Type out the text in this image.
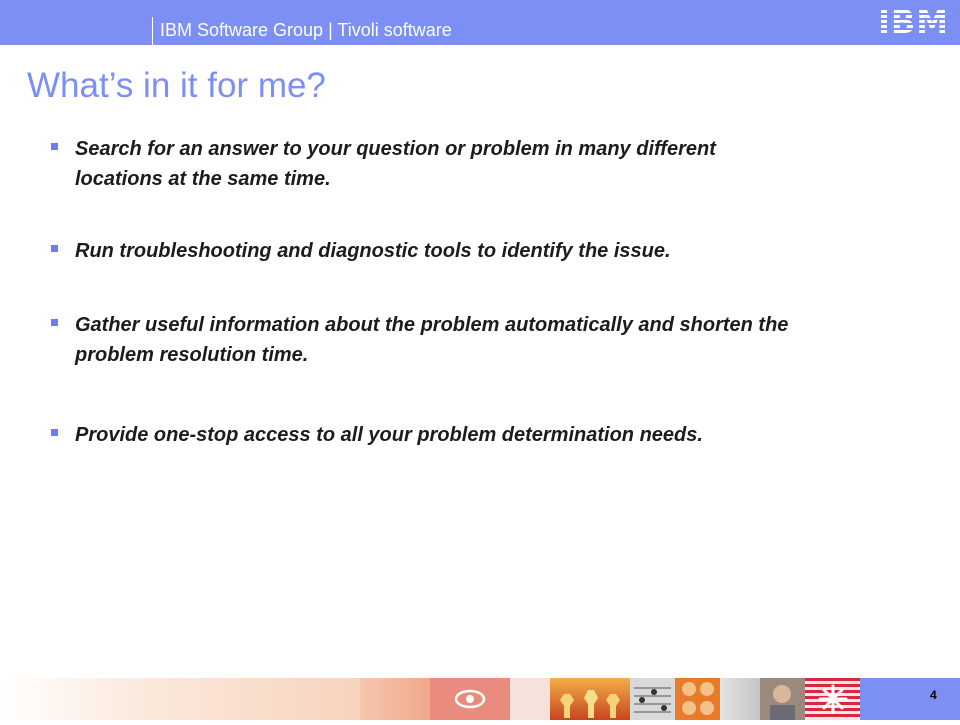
IBM Software Group | Tivoli software	IBM
What’s in it for me?
Search for an answer to your question or problem in many different locations at the same time.
Run troubleshooting and diagnostic tools to identify the issue.
Gather useful information about the problem automatically and shorten the problem resolution time.
Provide one-stop access to all your problem determination needs.
4
